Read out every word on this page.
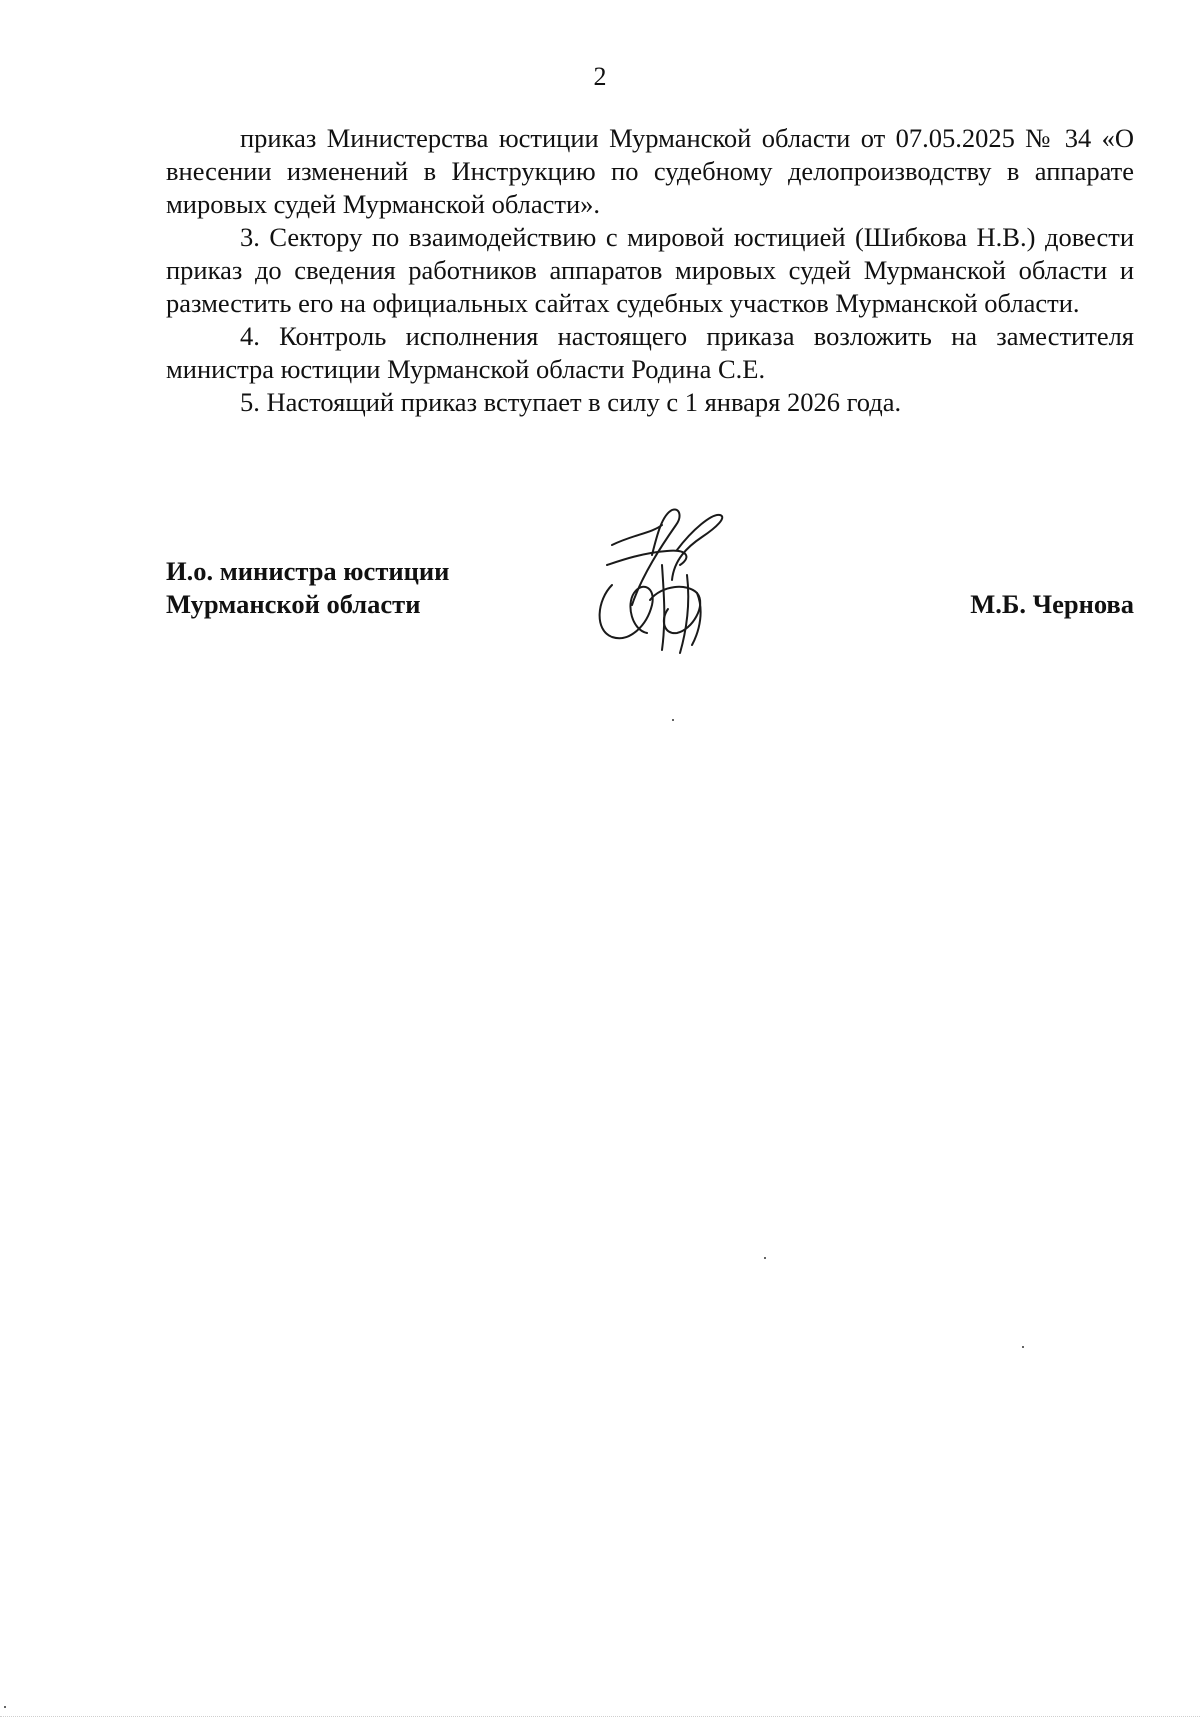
2

приказ Министерства юстиции Мурманской области от 07.05.2025 № 34 «О внесении изменений в Инструкцию по судебному делопроизводству в аппарате мировых судей Мурманской области».

3. Сектору по взаимодействию с мировой юстицией (Шибкова Н.В.) довести приказ до сведения работников аппаратов мировых судей Мурманской области и разместить его на официальных сайтах судебных участков Мурманской области.

4. Контроль исполнения настоящего приказа возложить на заместителя министра юстиции Мурманской области Родина С.Е.

5. Настоящий приказ вступает в силу с 1 января 2026 года.

И.о. министра юстиции
Мурманской области	М.Б. Чернова
